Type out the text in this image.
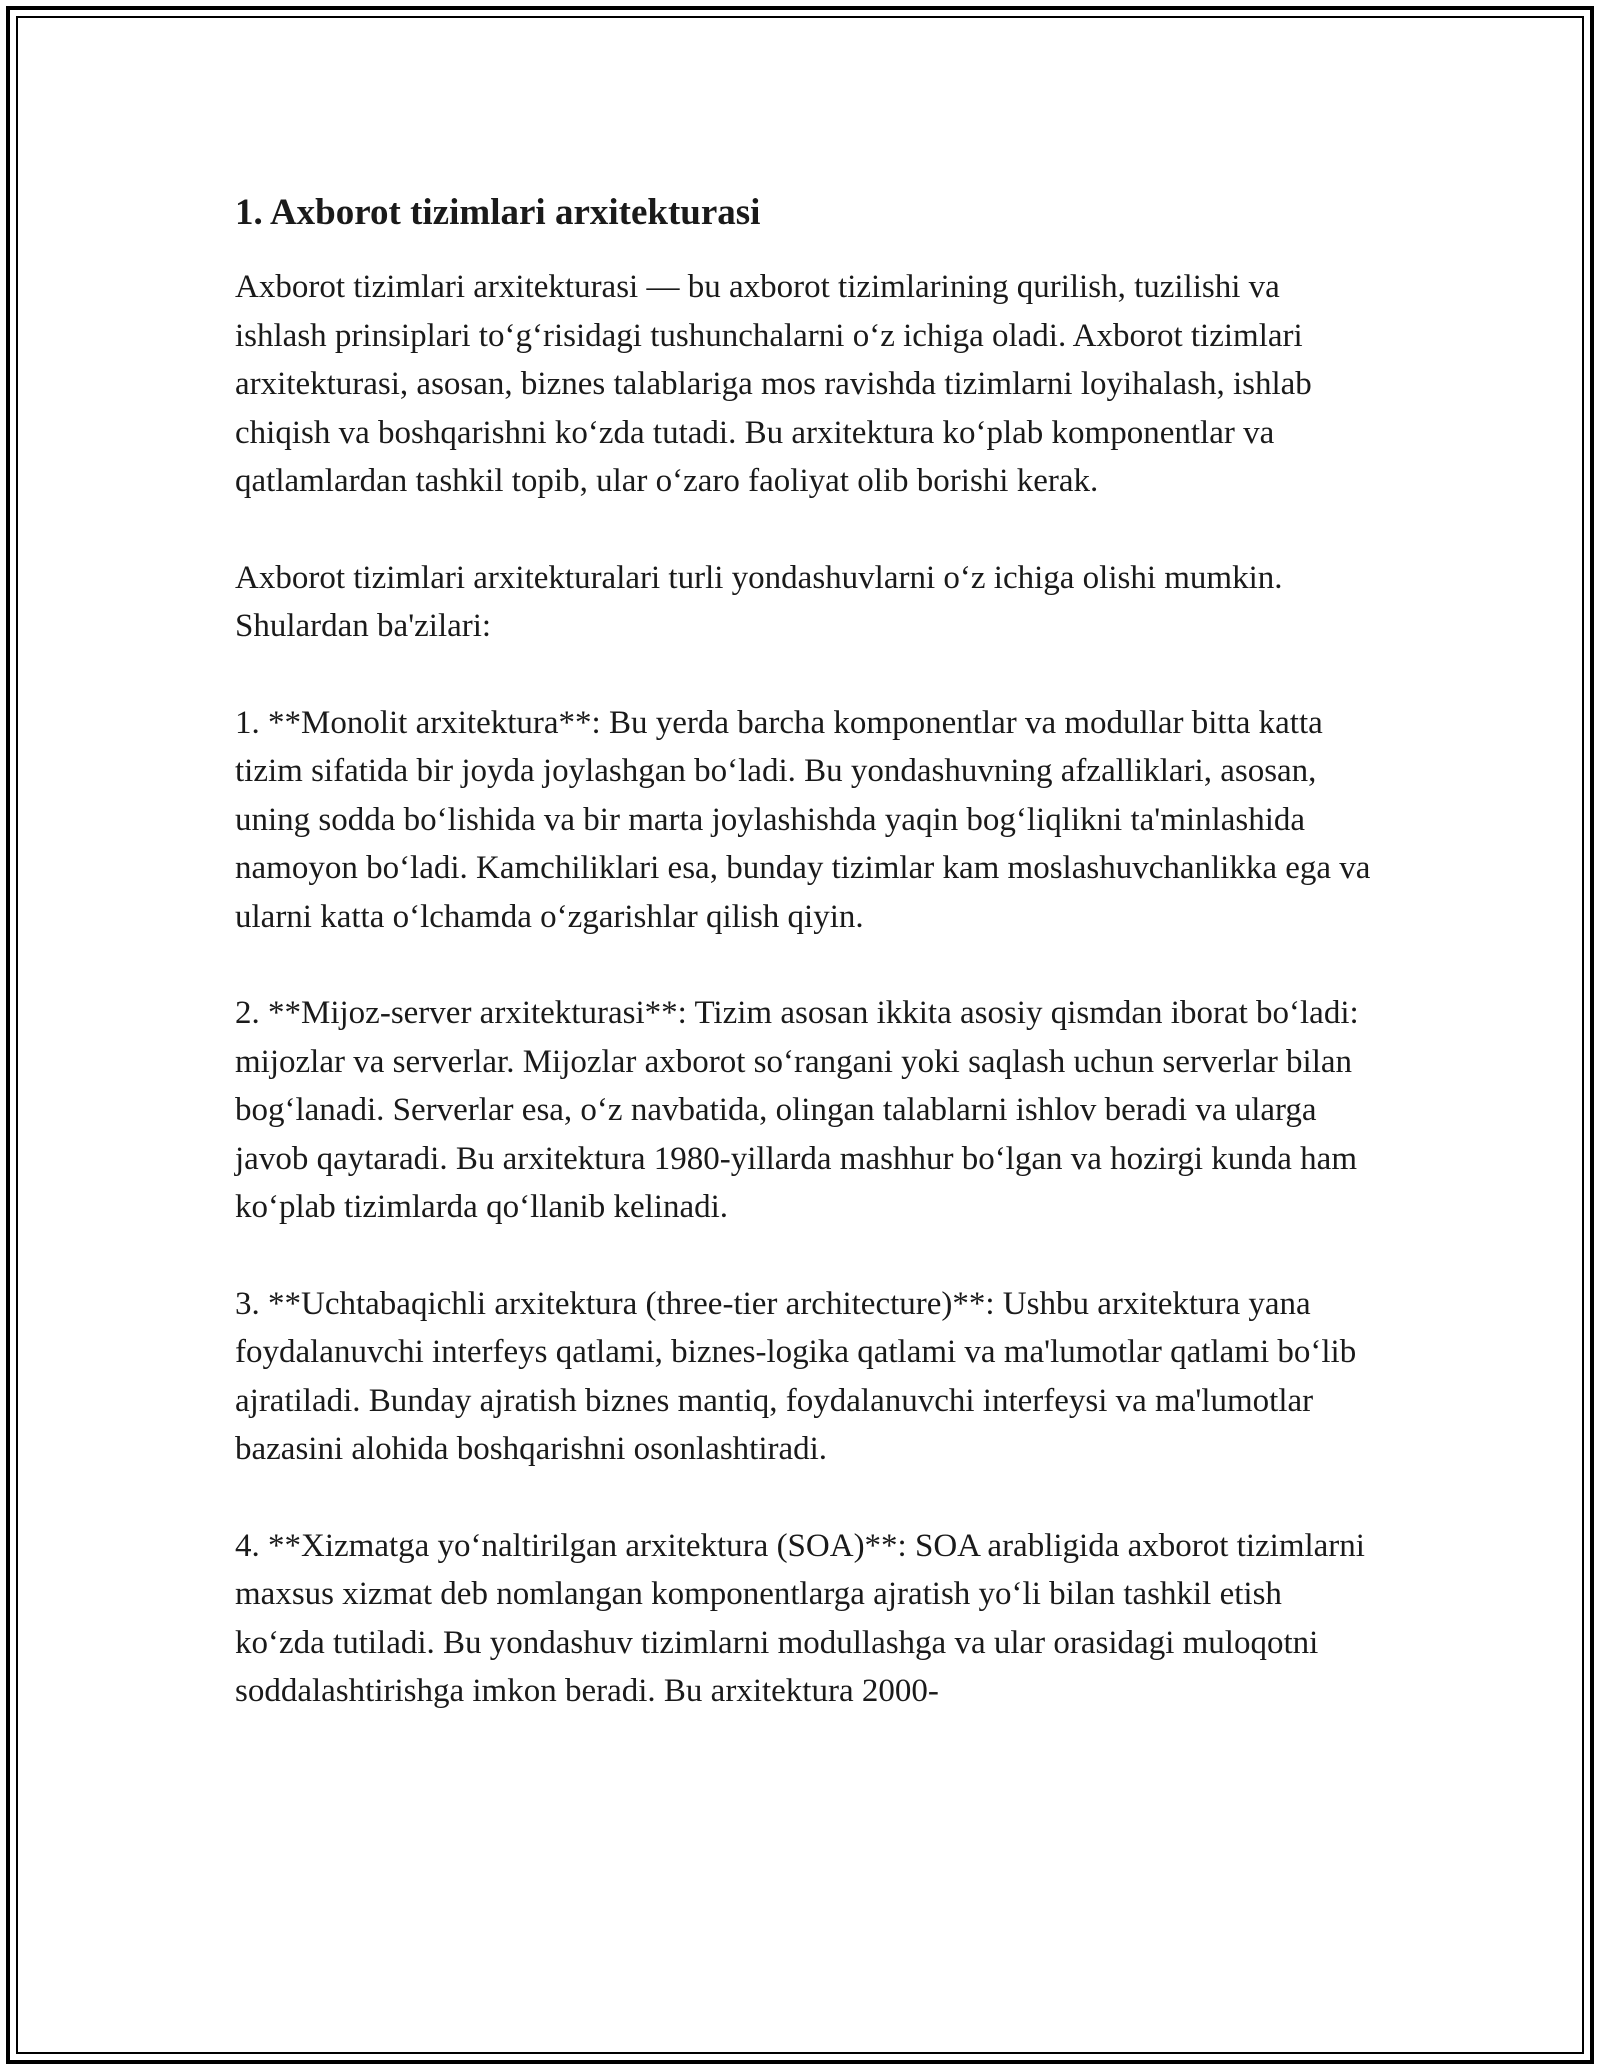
1. Axborot tizimlari arxitekturasi

Axborot tizimlari arxitekturasi — bu axborot tizimlarining qurilish, tuzilishi va ishlash prinsiplari to‘g‘risidagi tushunchalarni o‘z ichiga oladi. Axborot tizimlari arxitekturasi, asosan, biznes talablariga mos ravishda tizimlarni loyihalash, ishlab chiqish va boshqarishni ko‘zda tutadi. Bu arxitektura ko‘plab komponentlar va qatlamlardan tashkil topib, ular o‘zaro faoliyat olib borishi kerak.

Axborot tizimlari arxitekturalari turli yondashuvlarni o‘z ichiga olishi mumkin. Shulardan ba'zilari:

1. **Monolit arxitektura**: Bu yerda barcha komponentlar va modullar bitta katta tizim sifatida bir joyda joylashgan bo‘ladi. Bu yondashuvning afzalliklari, asosan, uning sodda bo‘lishida va bir marta joylashishda yaqin bog‘liqlikni ta'minlashida namoyon bo‘ladi. Kamchiliklari esa, bunday tizimlar kam moslashuvchanlikka ega va ularni katta o‘lchamda o‘zgarishlar qilish qiyin.

2. **Mijoz-server arxitekturasi**: Tizim asosan ikkita asosiy qismdan iborat bo‘ladi: mijozlar va serverlar. Mijozlar axborot so‘rangani yoki saqlash uchun serverlar bilan bog‘lanadi. Serverlar esa, o‘z navbatida, olingan talablarni ishlov beradi va ularga javob qaytaradi. Bu arxitektura 1980-yillarda mashhur bo‘lgan va hozirgi kunda ham ko‘plab tizimlarda qo‘llanib kelinadi.

3. **Uchtabaqichli arxitektura (three-tier architecture)**: Ushbu arxitektura yana foydalanuvchi interfeys qatlami, biznes-logika qatlami va ma'lumotlar qatlami bo‘lib ajratiladi. Bunday ajratish biznes mantiq, foydalanuvchi interfeysi va ma'lumotlar bazasini alohida boshqarishni osonlashtiradi.

4. **Xizmatga yo‘naltirilgan arxitektura (SOA)**: SOA arabligida axborot tizimlarni maxsus xizmat deb nomlangan komponentlarga ajratish yo‘li bilan tashkil etish ko‘zda tutiladi. Bu yondashuv tizimlarni modullashga va ular orasidagi muloqotni soddalashtirishga imkon beradi. Bu arxitektura 2000-
